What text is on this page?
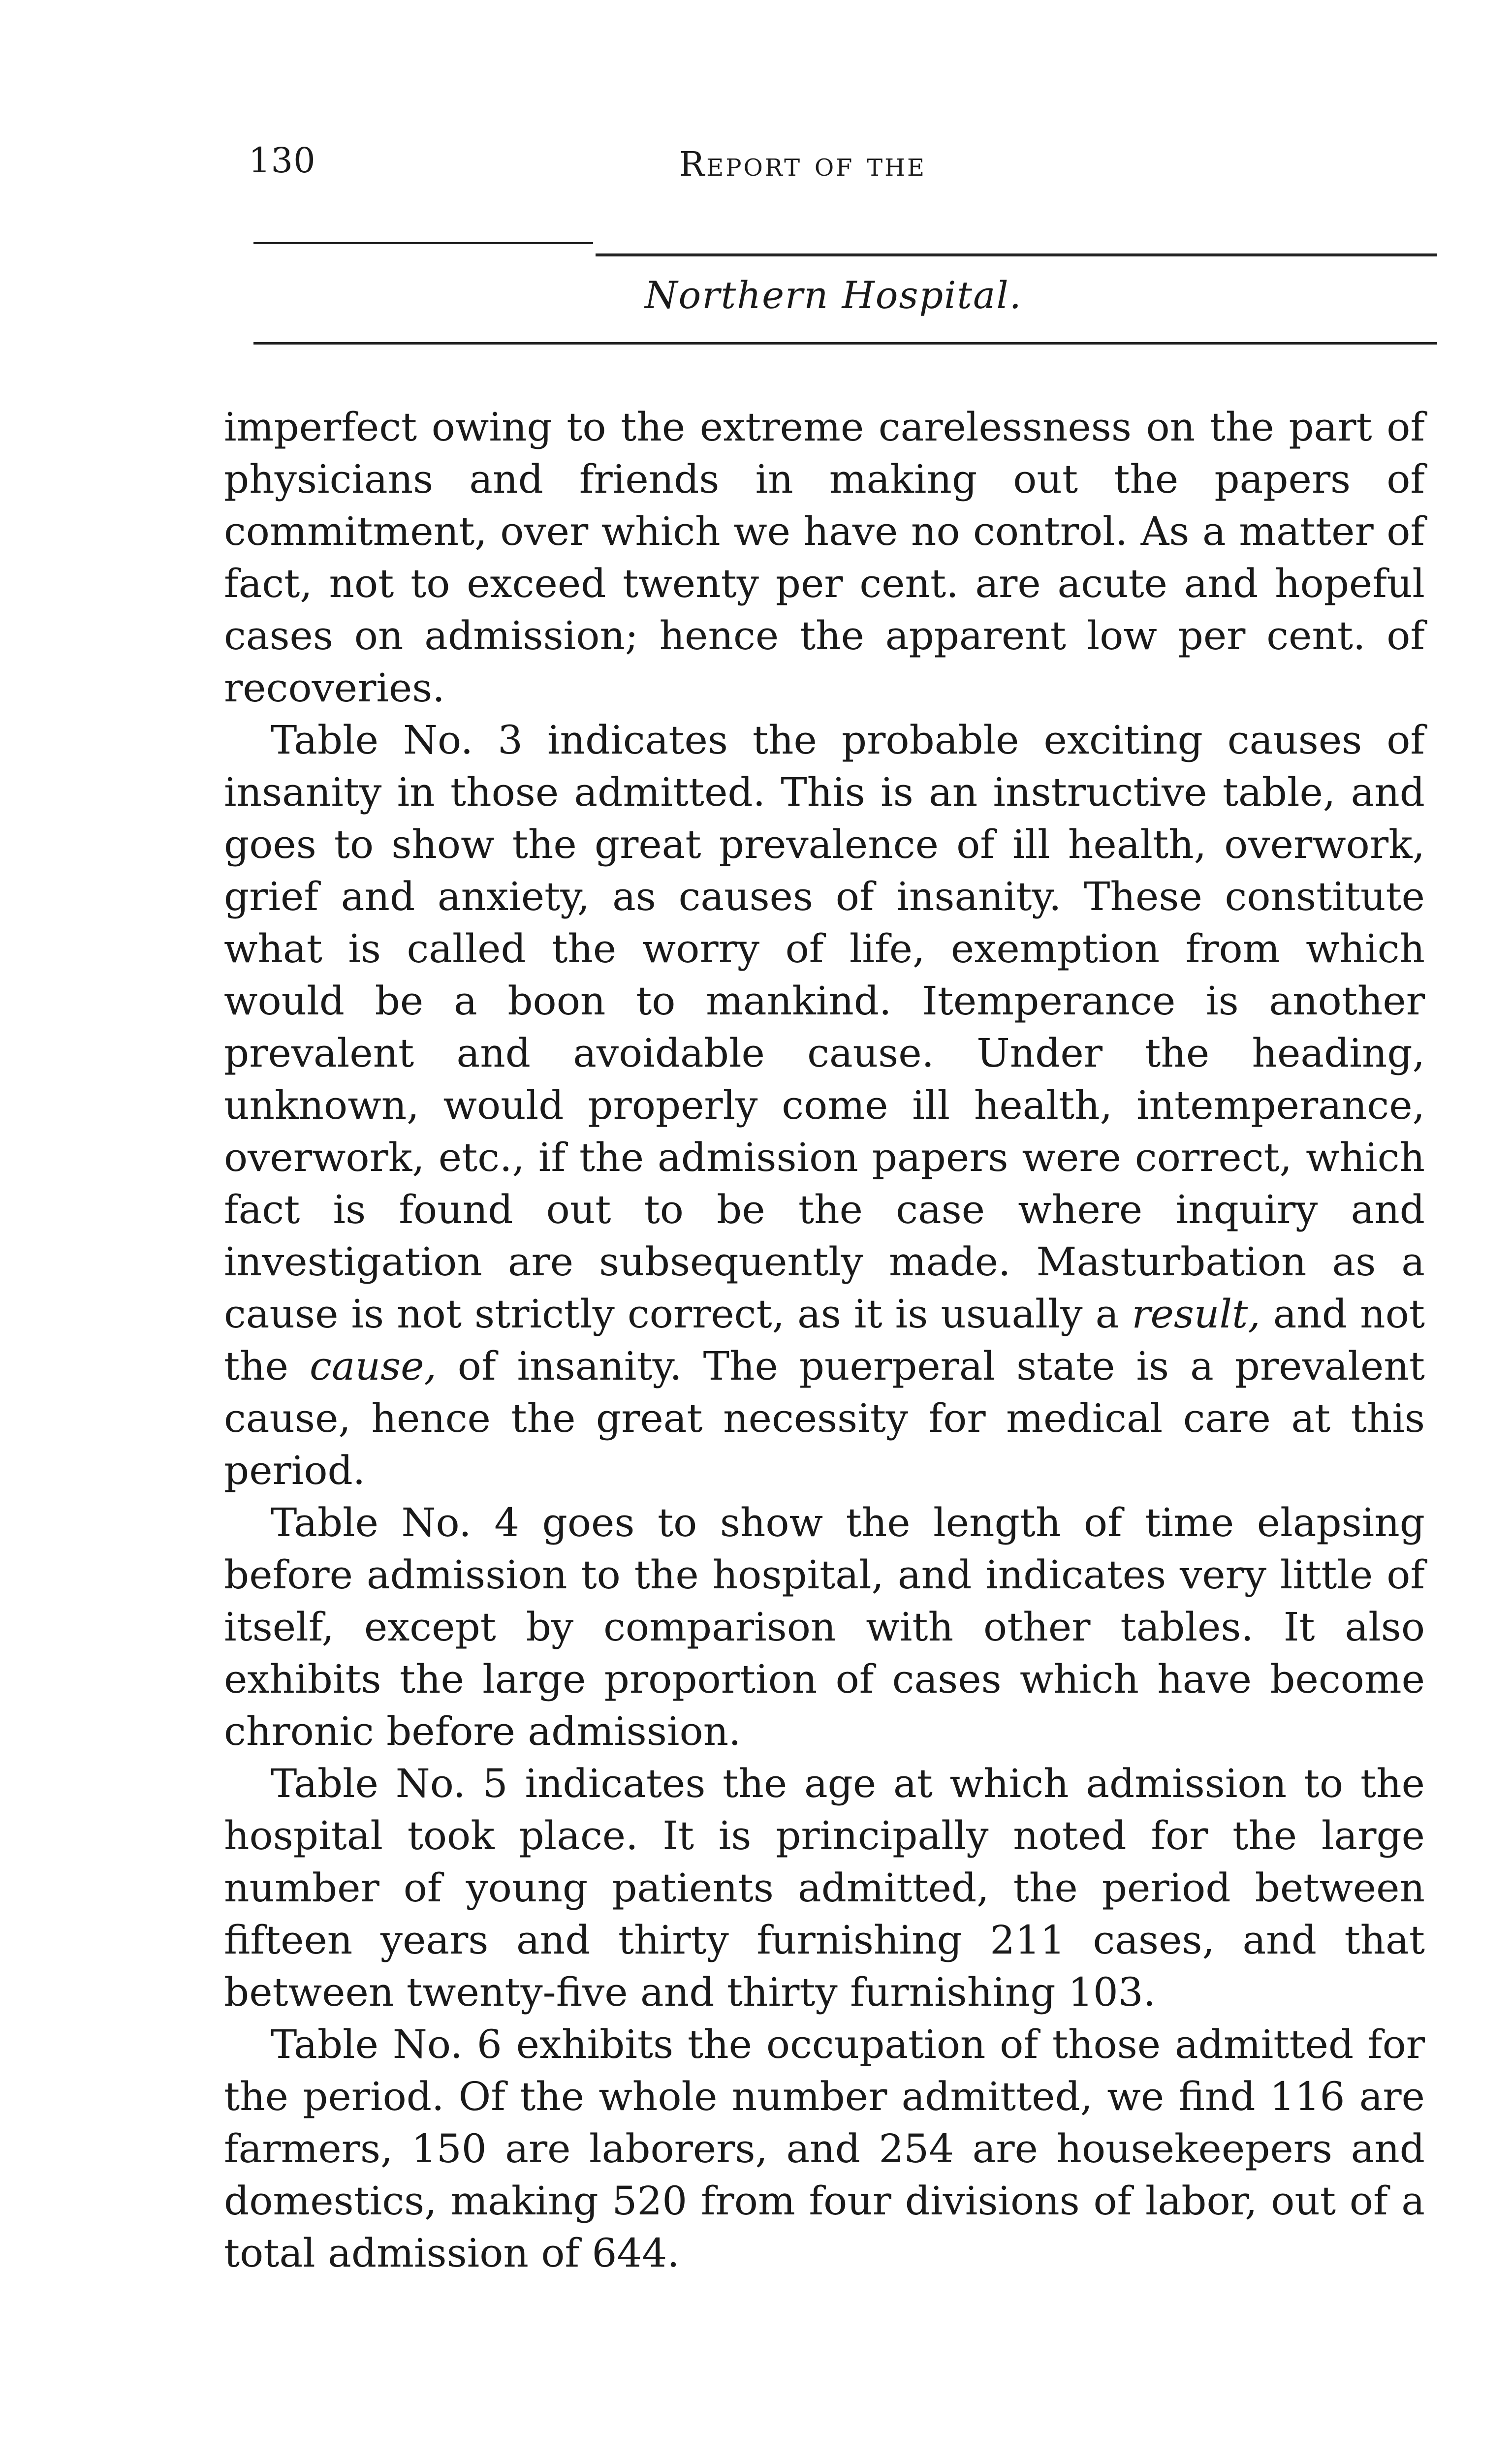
130	Report of the
Northern Hospital.

imperfect owing to the extreme carelessness on the part of physicians and friends in making out the papers of commitment, over which we have no control. As a matter of fact, not to exceed twenty per cent. are acute and hopeful cases on admission; hence the apparent low per cent. of recoveries.

Table No. 3 indicates the probable exciting causes of insanity in those admitted. This is an instructive table, and goes to show the great prevalence of ill health, overwork, grief and anxiety, as causes of insanity. These constitute what is called the worry of life, exemption from which would be a boon to mankind. Itemperance is another prevalent and avoidable cause. Under the heading, unknown, would properly come ill health, intemperance, overwork, etc., if the admission papers were correct, which fact is found out to be the case where inquiry and investigation are subsequently made. Masturbation as a cause is not strictly correct, as it is usually a result, and not the cause, of insanity. The puerperal state is a prevalent cause, hence the great necessity for medical care at this period.

Table No. 4 goes to show the length of time elapsing before admission to the hospital, and indicates very little of itself, except by comparison with other tables. It also exhibits the large proportion of cases which have become chronic before admission.

Table No. 5 indicates the age at which admission to the hospital took place. It is principally noted for the large number of young patients admitted, the period between fifteen years and thirty furnishing 211 cases, and that between twenty-five and thirty furnishing 103.

Table No. 6 exhibits the occupation of those admitted for the period. Of the whole number admitted, we find 116 are farmers, 150 are laborers, and 254 are housekeepers and domestics, making 520 from four divisions of labor, out of a total admission of 644.
